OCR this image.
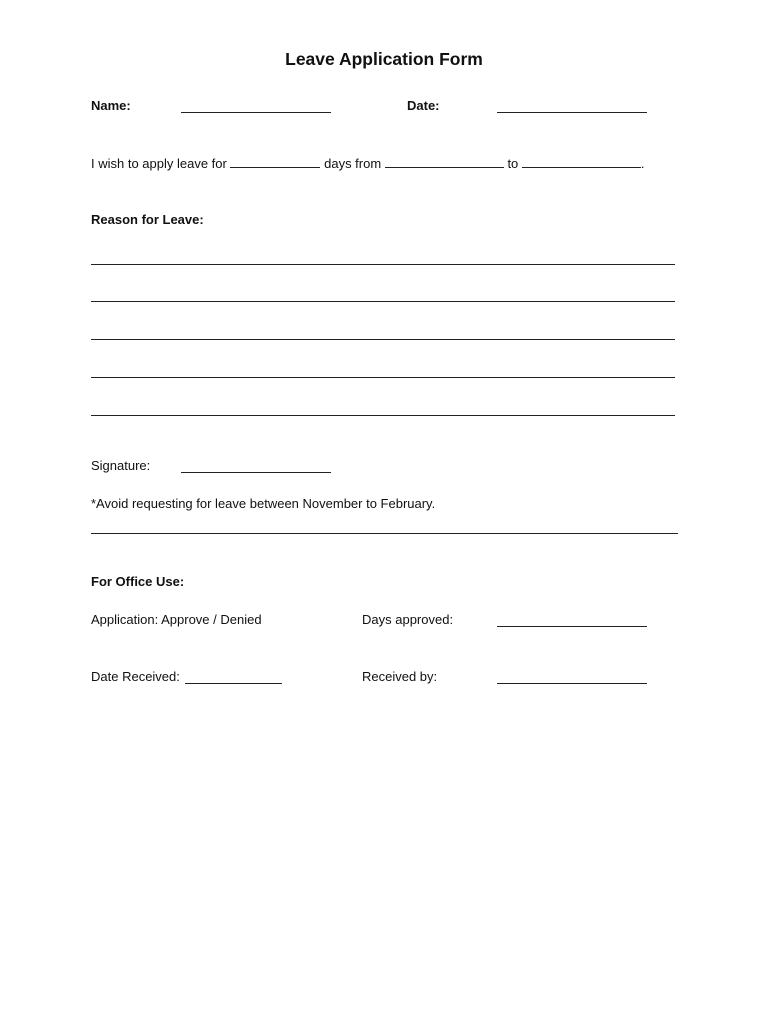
Leave Application Form
Name:	Date:
I wish to apply leave for	days from	to	.
Reason for Leave:
Signature:
*Avoid requesting for leave between November to February.
For Office Use:
Application: Approve / Denied	Days approved:
Date Received:	Received by:
